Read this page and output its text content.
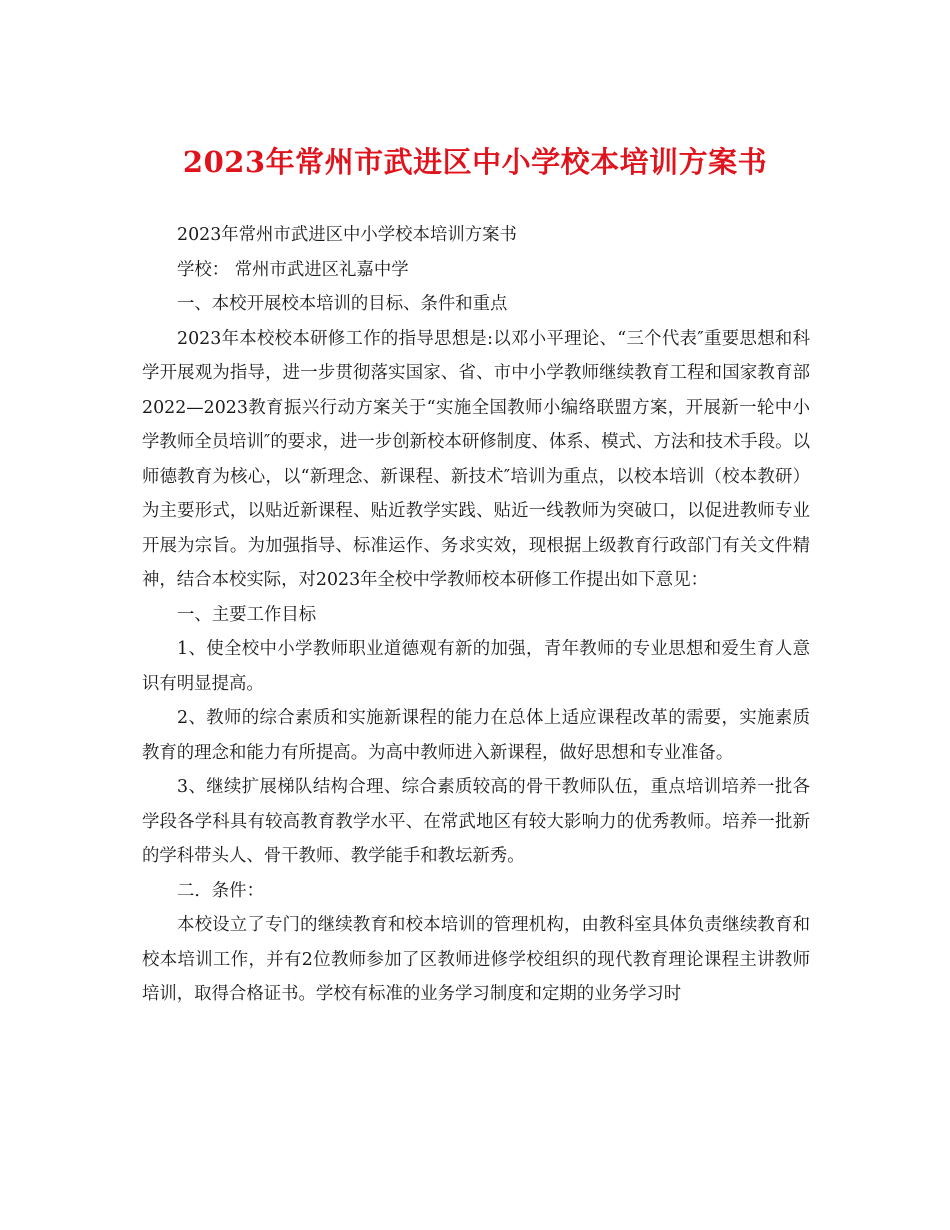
2023年常州市武进区中小学校本培训方案书

2023年常州市武进区中小学校本培训方案书

学校： 常州市武进区礼嘉中学

一、本校开展校本培训的目标、条件和重点

2023年本校校本研修工作的指导思想是:以邓小平理论、“三个代表″重要思想和科学开展观为指导，进一步贯彻落实国家、省、市中小学教师继续教育工程和国家教育部2022—2023教育振兴行动方案关于“实施全国教师小编络联盟方案，开展新一轮中小学教师全员培训″的要求，进一步创新校本研修制度、体系、模式、方法和技术手段。以师德教育为核心，以“新理念、新课程、新技术″培训为重点，以校本培训（校本教研）为主要形式，以贴近新课程、贴近教学实践、贴近一线教师为突破口，以促进教师专业开展为宗旨。为加强指导、标准运作、务求实效，现根据上级教育行政部门有关文件精神，结合本校实际，对2023年全校中学教师校本研修工作提出如下意见：

一、主要工作目标

1、使全校中小学教师职业道德观有新的加强，青年教师的专业思想和爱生育人意识有明显提高。

2、教师的综合素质和实施新课程的能力在总体上适应课程改革的需要，实施素质教育的理念和能力有所提高。为高中教师进入新课程，做好思想和专业准备。

3、继续扩展梯队结构合理、综合素质较高的骨干教师队伍，重点培训培养一批各学段各学科具有较高教育教学水平、在常武地区有较大影响力的优秀教师。培养一批新的学科带头人、骨干教师、教学能手和教坛新秀。

二．条件：

本校设立了专门的继续教育和校本培训的管理机构，由教科室具体负责继续教育和校本培训工作，并有2位教师参加了区教师进修学校组织的现代教育理论课程主讲教师培训，取得合格证书。学校有标准的业务学习制度和定期的业务学习时
